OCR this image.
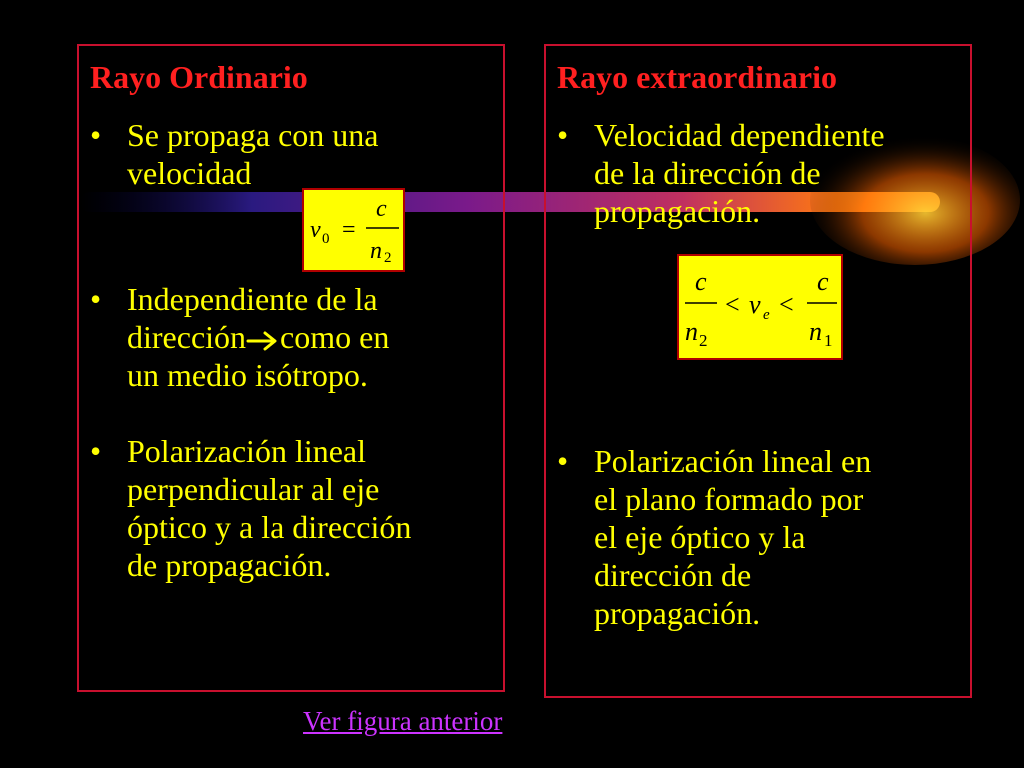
Rayo Ordinario
• Se propaga con una
velocidad
v 0 =
c
n 2
• Independiente de la
dirección como en
un medio isótropo.
• Polarización lineal
perpendicular al eje
óptico y a la dirección
de propagación.
Rayo extraordinario
• Velocidad dependiente
de la dirección de
propagación.
c
n 2
< v e <
c
n 1
• Polarización lineal en
el plano formado por
el eje óptico y la
dirección de
propagación.
Ver figura anterior
